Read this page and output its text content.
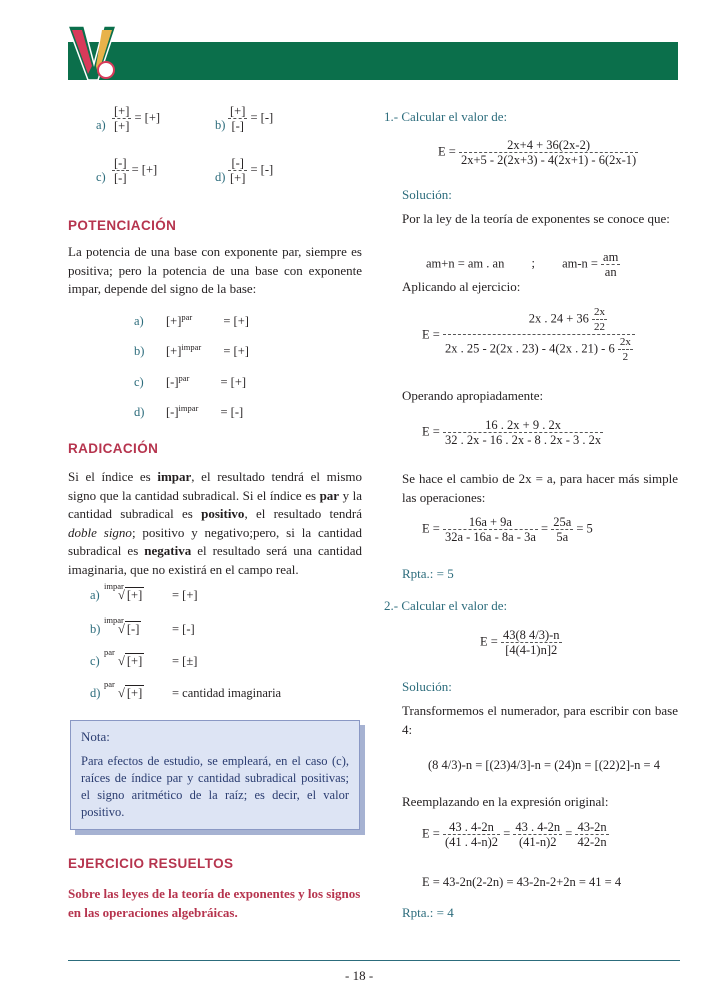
$a) \frac{[+]}{[+]}$ = [+]
$b) \frac{[+]}{[-]}$ = [-]
$c) \frac{[-]}{[-]}$ = [+]
$d) \frac{[-]}{[+]}$ = [-]
POTENCIACIÓN
La potencia de una base con exponente par, siempre es positiva; pero la potencia de una base con exponente impar, depende del signo de la base:
a) [+]par = [+]
b) [+]impar = [+]
c) [-]par = [+]
d) [-]impar = [-]
RADICACIÓN
Si el índice es impar, el resultado tendrá el mismo signo que la cantidad subradical. Si el índice es par y la cantidad subradical es positivo, el resultado tendrá doble signo; positivo y negativo;pero, si la cantidad subradical es negativa el resultado será una cantidad imaginaria, que no existirá en el campo real.
a)
impar
√ [+] = [+]
b)
impar
√ [-]	= [-]
c)
par
√ [+] = [±]
d)
par
√ [+] = cantidad imaginaria
Nota:
Para efectos de estudio, se empleará, en el caso (c), raíces de índice par y cantidad subradical positivas; el signo aritmético de la raíz; es decir, el valor positivo.
EJERCICIO RESUELTOS
Sobre las leyes de la teoría de exponentes y los signos en las operaciones algebráicas.
1.- Calcular el valor de:
$E = \frac{2x+4 + 36(2x-2)}{2x+5 - 2(2x+3) - 4(2x+1) - 6(2x-1)}$
Solución:
Por la ley de la teoría de exponentes se conoce que:
am+n = am . an ; $am-n = \frac{am}{an}$
Aplicando al ejercicio:
$E = \frac{2x . 24 + 36 \frac{2x}{22}}{2x . 25 - 2(2x . 23) - 4(2x . 21) - 6 \frac{2x}{2}}$
Operando apropiadamente:
$E = \frac{16 . 2x + 9 . 2x}{32 . 2x - 16 . 2x - 8 . 2x - 3 . 2x}$
Se hace el cambio de 2x = a, para hacer más simple las operaciones:
$E = \frac{16a + 9a}{32a - 16a - 8a - 3a} = \frac{25a}{5a} = 5$
Rpta.: = 5
2.- Calcular el valor de:
$E = \frac{43(8 4/3)-n}{[4(4-1)n]2}$
Solución:
Transformemos el numerador, para escribir con base 4:
(8 4/3)-n = [(23)4/3]-n = (24)n = [(22)2]-n = 4
Reemplazando en la expresión original:
$E = \frac{43 . 4-2n}{(41 . 4-n)2} = \frac{43 . 4-2n}{(41-n)2} = \frac{43-2n}{42-2n}$
E = 43-2n(2-2n) = 43-2n-2+2n = 41 = 4
Rpta.: = 4
- 18 -
